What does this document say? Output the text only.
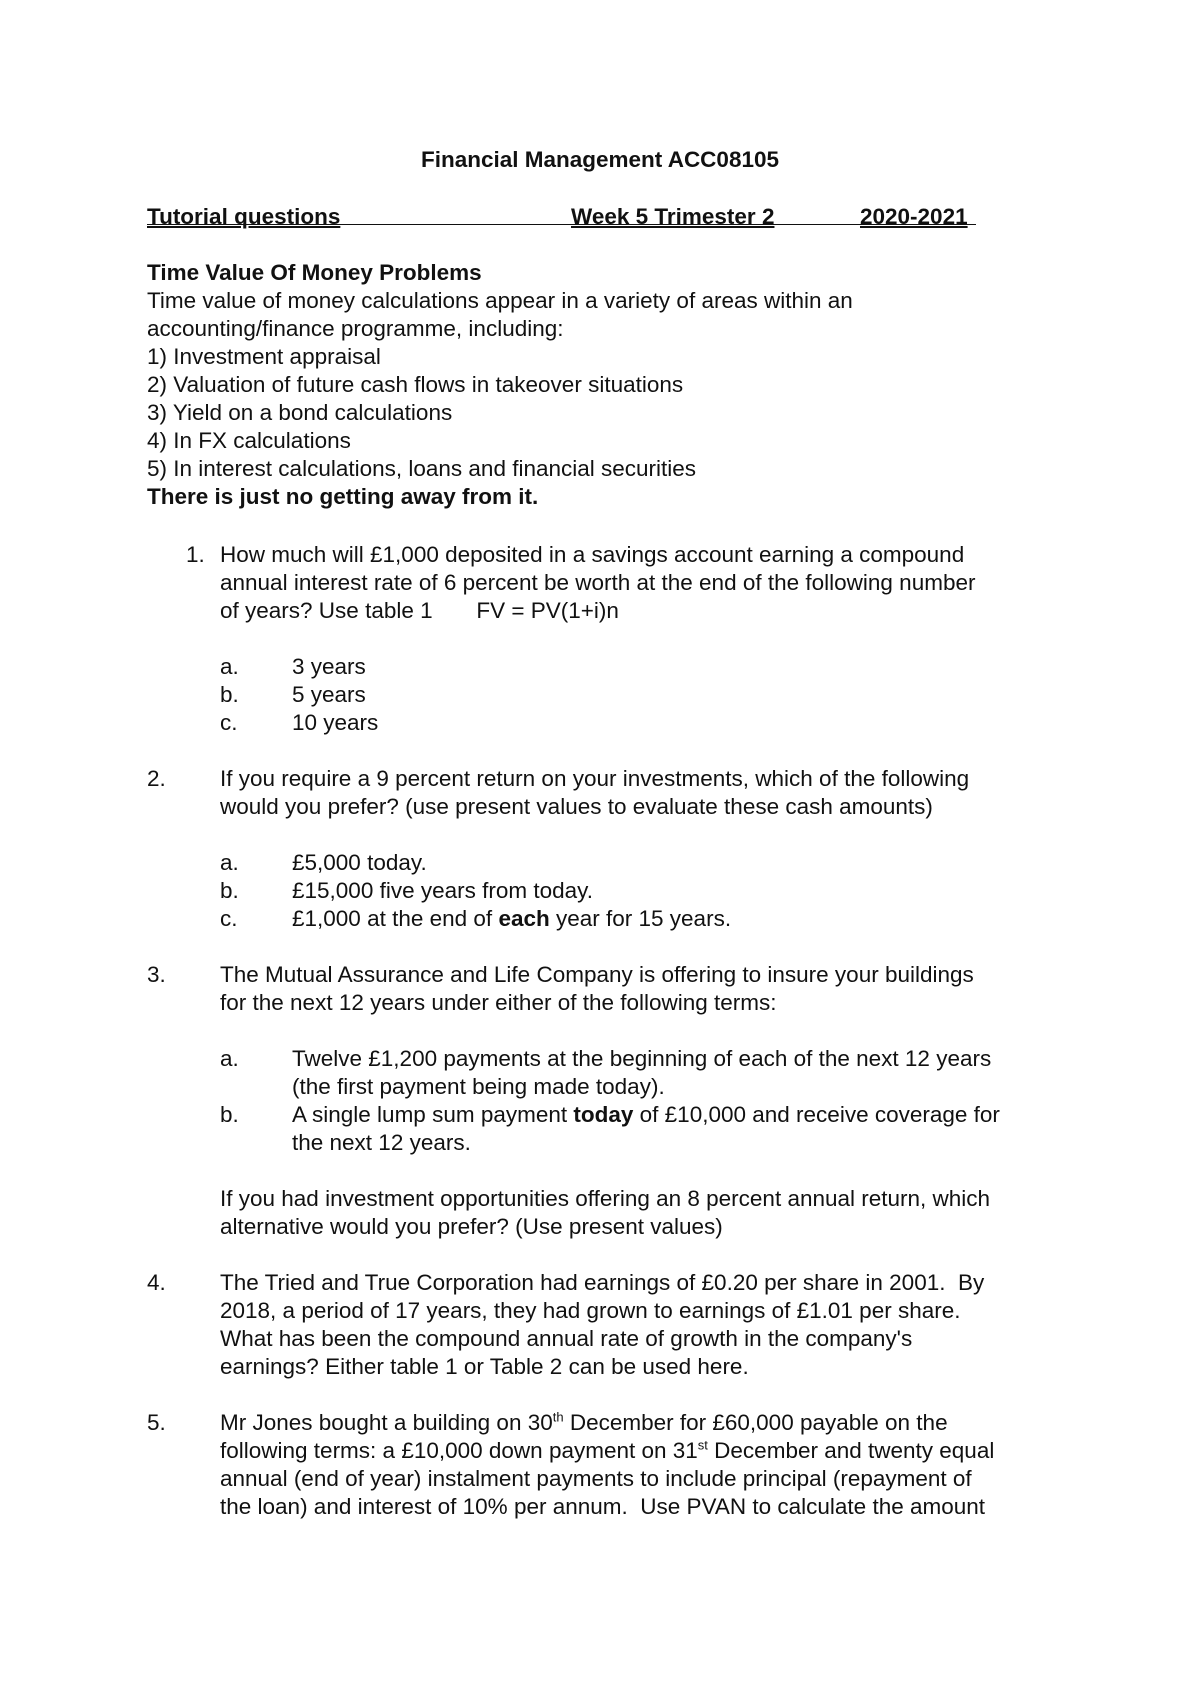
Financial Management ACC08105
Tutorial questions	Week 5 Trimester 2	2020-2021
Time Value Of Money Problems
Time value of money calculations appear in a variety of areas within an
accounting/finance programme, including:
1) Investment appraisal
2) Valuation of future cash flows in takeover situations
3) Yield on a bond calculations
4) In FX calculations
5) In interest calculations, loans and financial securities
There is just no getting away from it.
1. How much will £1,000 deposited in a savings account earning a compound
annual interest rate of 6 percent be worth at the end of the following number
of years? Use table 1       FV = PV(1+i)n
a. 3 years
b. 5 years
c. 10 years
2. If you require a 9 percent return on your investments, which of the following
would you prefer? (use present values to evaluate these cash amounts)
a. £5,000 today.
b. £15,000 five years from today.
c. £1,000 at the end of each year for 15 years.
3. The Mutual Assurance and Life Company is offering to insure your buildings
for the next 12 years under either of the following terms:
a. Twelve £1,200 payments at the beginning of each of the next 12 years
(the first payment being made today).
b. A single lump sum payment today of £10,000 and receive coverage for
the next 12 years.
If you had investment opportunities offering an 8 percent annual return, which
alternative would you prefer? (Use present values)
4. The Tried and True Corporation had earnings of £0.20 per share in 2001.  By
2018, a period of 17 years, they had grown to earnings of £1.01 per share.
What has been the compound annual rate of growth in the company's
earnings? Either table 1 or Table 2 can be used here.
5. Mr Jones bought a building on 30th December for £60,000 payable on the
following terms: a £10,000 down payment on 31st December and twenty equal
annual (end of year) instalment payments to include principal (repayment of
the loan) and interest of 10% per annum.  Use PVAN to calculate the amount
